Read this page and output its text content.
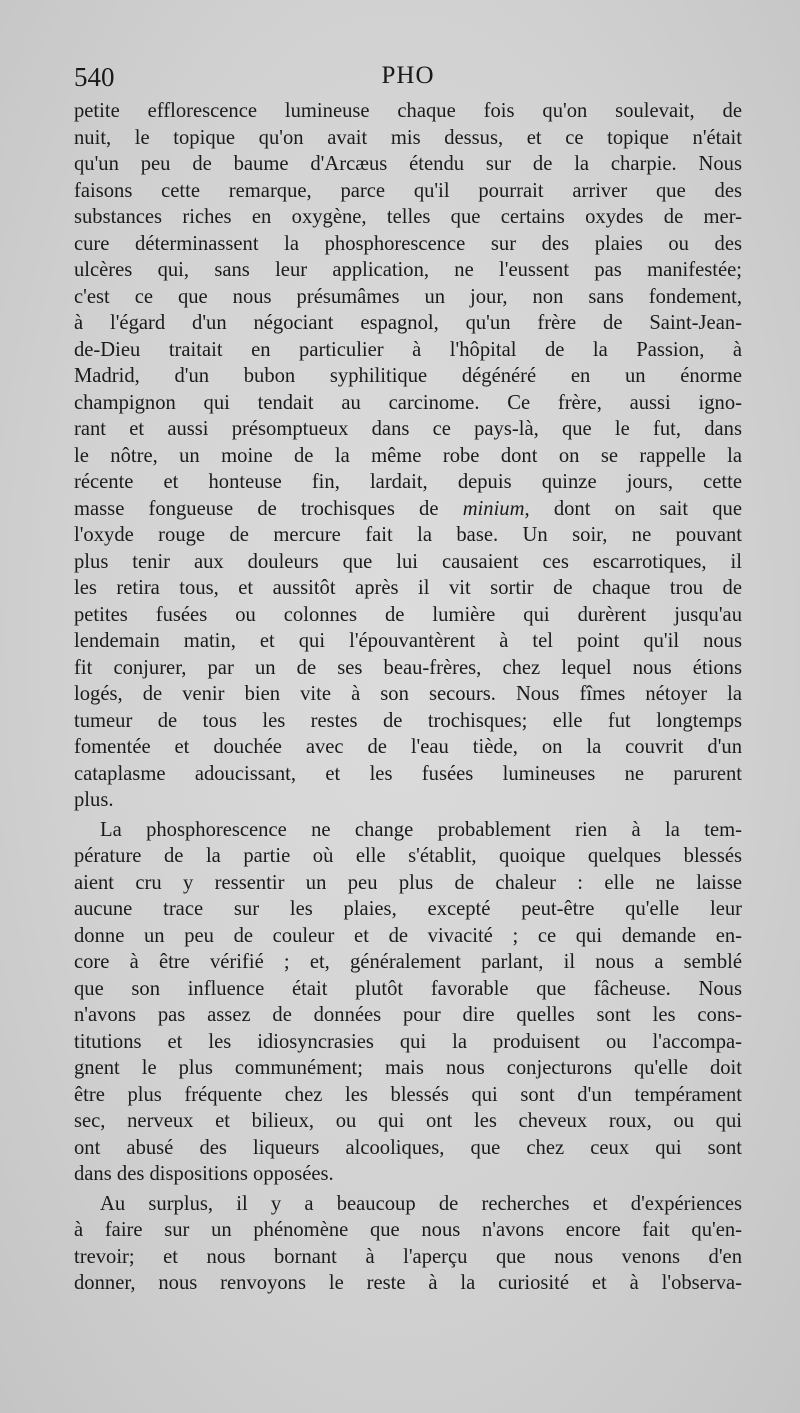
540	PHO
petite efflorescence lumineuse chaque fois qu'on soulevait, de
nuit, le topique qu'on avait mis dessus, et ce topique n'était
qu'un peu de baume d'Arcæus étendu sur de la charpie. Nous
faisons cette remarque, parce qu'il pourrait arriver que des
substances riches en oxygène, telles que certains oxydes de mer-
cure déterminassent la phosphorescence sur des plaies ou des
ulcères qui, sans leur application, ne l'eussent pas manifestée;
c'est ce que nous présumâmes un jour, non sans fondement,
à l'égard d'un négociant espagnol, qu'un frère de Saint-Jean-
de-Dieu traitait en particulier à l'hôpital de la Passion, à
Madrid, d'un bubon syphilitique dégénéré en un énorme
champignon qui tendait au carcinome. Ce frère, aussi igno-
rant et aussi présomptueux dans ce pays-là, que le fut, dans
le nôtre, un moine de la même robe dont on se rappelle la
récente et honteuse fin, lardait, depuis quinze jours, cette
masse fongueuse de trochisques de minium, dont on sait que
l'oxyde rouge de mercure fait la base. Un soir, ne pouvant
plus tenir aux douleurs que lui causaient ces escarrotiques, il
les retira tous, et aussitôt après il vit sortir de chaque trou de
petites fusées ou colonnes de lumière qui durèrent jusqu'au
lendemain matin, et qui l'épouvantèrent à tel point qu'il nous
fit conjurer, par un de ses beau-frères, chez lequel nous étions
logés, de venir bien vite à son secours. Nous fîmes nétoyer la
tumeur de tous les restes de trochisques; elle fut longtemps
fomentée et douchée avec de l'eau tiède, on la couvrit d'un
cataplasme adoucissant, et les fusées lumineuses ne parurent
plus.
La phosphorescence ne change probablement rien à la tem-
pérature de la partie où elle s'établit, quoique quelques blessés
aient cru y ressentir un peu plus de chaleur : elle ne laisse
aucune trace sur les plaies, excepté peut-être qu'elle leur
donne un peu de couleur et de vivacité ; ce qui demande en-
core à être vérifié ; et, généralement parlant, il nous a semblé
que son influence était plutôt favorable que fâcheuse. Nous
n'avons pas assez de données pour dire quelles sont les cons-
titutions et les idiosyncrasies qui la produisent ou l'accompa-
gnent le plus communément; mais nous conjecturons qu'elle doit
être plus fréquente chez les blessés qui sont d'un tempérament
sec, nerveux et bilieux, ou qui ont les cheveux roux, ou qui
ont abusé des liqueurs alcooliques, que chez ceux qui sont
dans des dispositions opposées.
Au surplus, il y a beaucoup de recherches et d'expériences
à faire sur un phénomène que nous n'avons encore fait qu'en-
trevoir; et nous bornant à l'aperçu que nous venons d'en
donner, nous renvoyons le reste à la curiosité et à l'observa-
